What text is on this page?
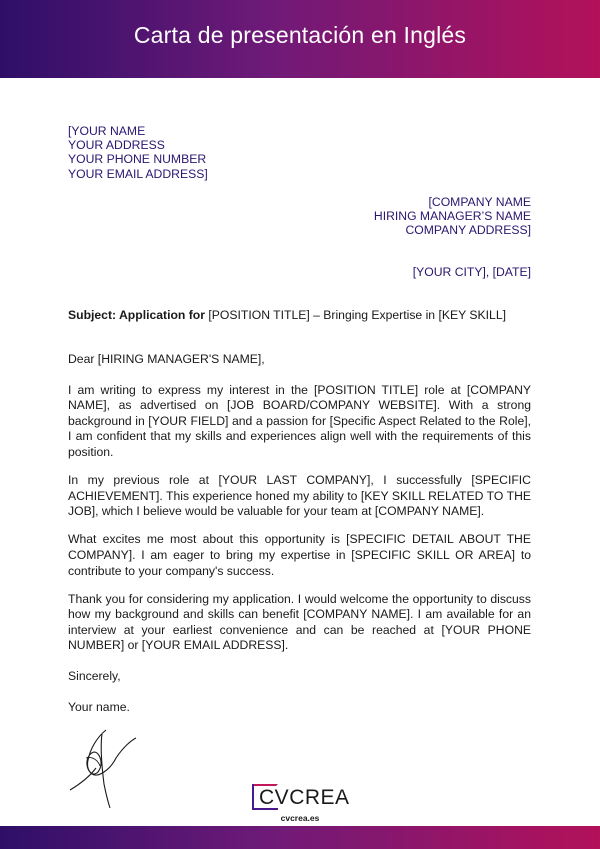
Carta de presentación en Inglés
[YOUR NAME
YOUR ADDRESS
YOUR PHONE NUMBER
YOUR EMAIL ADDRESS]
[COMPANY NAME
HIRING MANAGER’S NAME
COMPANY ADDRESS]
[YOUR CITY], [DATE]
Subject: Application for [POSITION TITLE] – Bringing Expertise in [KEY SKILL]

Dear [HIRING MANAGER'S NAME],

I am writing to express my interest in the [POSITION TITLE] role at [COMPANY NAME], as advertised on [JOB BOARD/COMPANY WEBSITE]. With a strong background in [YOUR FIELD] and a passion for [Specific Aspect Related to the Role], I am confident that my skills and experiences align well with the requirements of this position.

In my previous role at [YOUR LAST COMPANY], I successfully [SPECIFIC ACHIEVEMENT]. This experience honed my ability to [KEY SKILL RELATED TO THE JOB], which I believe would be valuable for your team at [COMPANY NAME].

What excites me most about this opportunity is [SPECIFIC DETAIL ABOUT THE COMPANY]. I am eager to bring my expertise in [SPECIFIC SKILL OR AREA] to contribute to your company's success.

Thank you for considering my application. I would welcome the opportunity to discuss how my background and skills can benefit [COMPANY NAME]. I am available for an interview at your earliest convenience and can be reached at [YOUR PHONE NUMBER] or [YOUR EMAIL ADDRESS].

Sincerely,

Your name.

CVCREA
cvcrea.es
